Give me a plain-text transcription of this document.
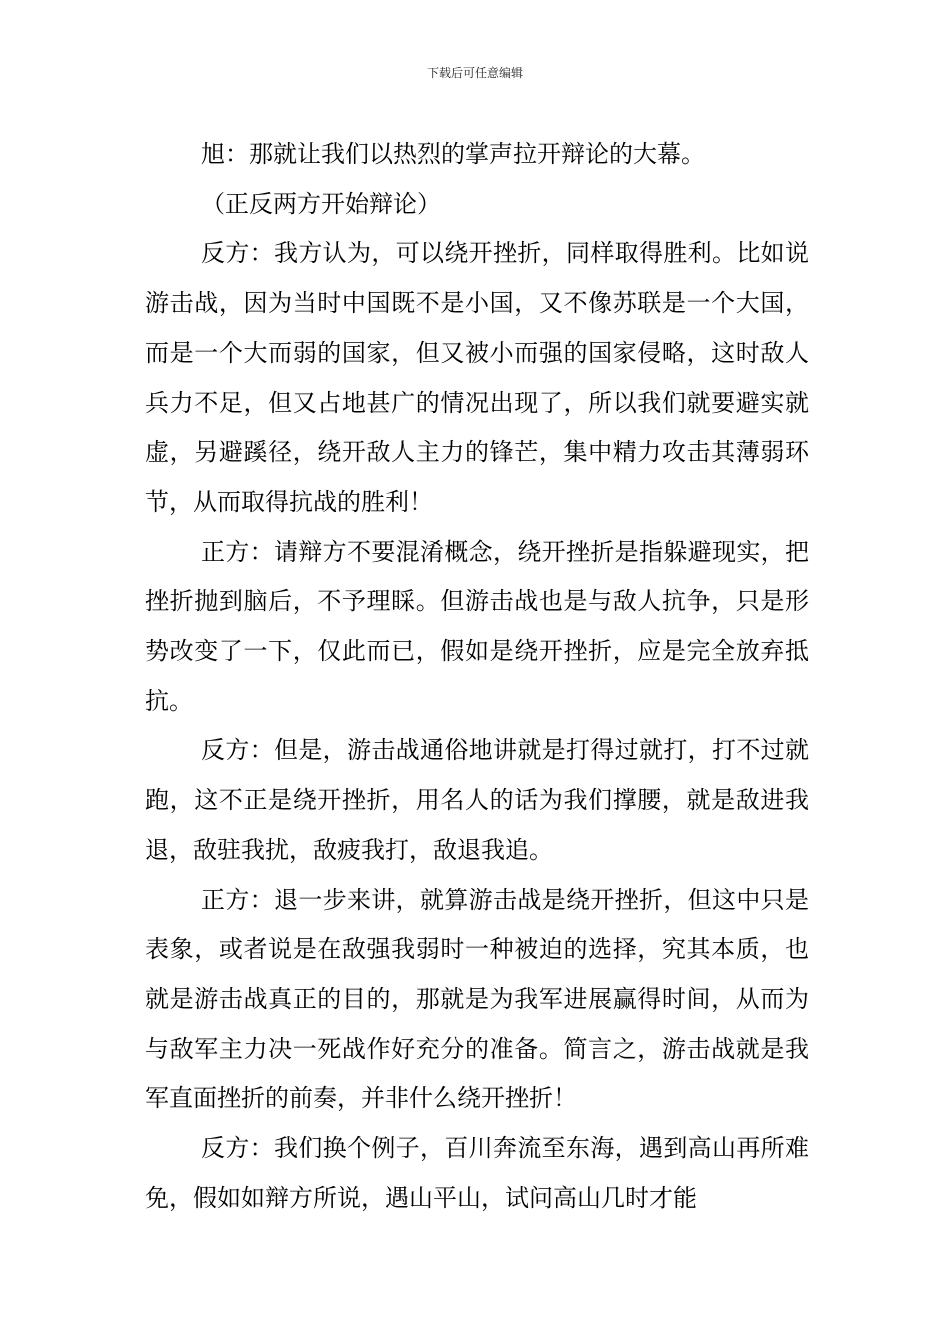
下载后可任意编辑

旭：那就让我们以热烈的掌声拉开辩论的大幕。

（正反两方开始辩论）

反方：我方认为，可以绕开挫折，同样取得胜利。比如说游击战，因为当时中国既不是小国，又不像苏联是一个大国，而是一个大而弱的国家，但又被小而强的国家侵略，这时敌人兵力不足，但又占地甚广的情况出现了，所以我们就要避实就虚，另避蹊径，绕开敌人主力的锋芒，集中精力攻击其薄弱环节，从而取得抗战的胜利！

正方：请辩方不要混淆概念，绕开挫折是指躲避现实，把挫折抛到脑后，不予理睬。但游击战也是与敌人抗争，只是形势改变了一下，仅此而已，假如是绕开挫折，应是完全放弃抵抗。

反方：但是，游击战通俗地讲就是打得过就打，打不过就跑，这不正是绕开挫折，用名人的话为我们撑腰，就是敌进我退，敌驻我扰，敌疲我打，敌退我追。

正方：退一步来讲，就算游击战是绕开挫折，但这中只是表象，或者说是在敌强我弱时一种被迫的选择，究其本质，也就是游击战真正的目的，那就是为我军进展赢得时间，从而为与敌军主力决一死战作好充分的准备。简言之，游击战就是我军直面挫折的前奏，并非什么绕开挫折！

反方：我们换个例子，百川奔流至东海，遇到高山再所难免，假如如辩方所说，遇山平山，试问高山几时才能
